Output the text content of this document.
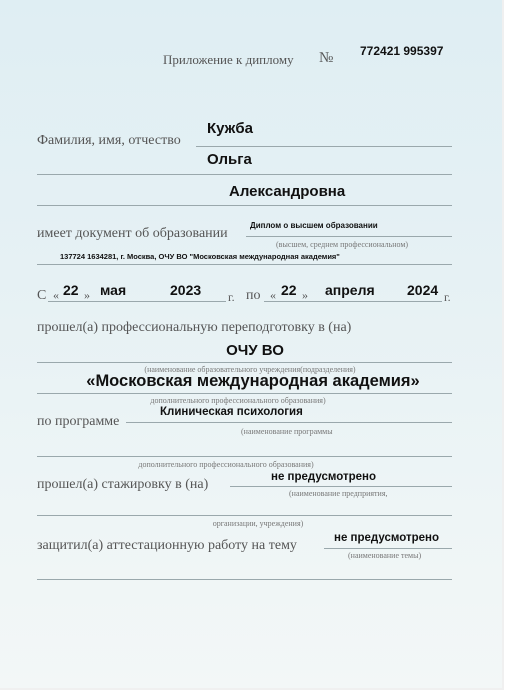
Приложение к диплому № 772421 995397
Кужба
Фамилия, имя, отчество
Ольга
Александровна
Диплом о высшем образовании
имеет документ об образовании
(высшем, среднем профессиональном)
137724 1634281, г. Москва, ОЧУ ВО "Московская международная академия"
С « 22 » мая	2023 г. по « 22 » апреля 2024 г.
прошел(а) профессиональную переподготовку в (на)
ОЧУ ВО
(наименование образовательного учреждения(подразделения)
«Московская международная академия»
дополнительного профессионального образования)
Клиническая психология
по программе
(наименование программы
дополнительного профессионального образования)
не предусмотрено
прошел(а) стажировку в (на)
(наименование предприятия,
организации, учреждения)
не предусмотрено
защитил(а) аттестационную работу на тему
(наименование темы)
